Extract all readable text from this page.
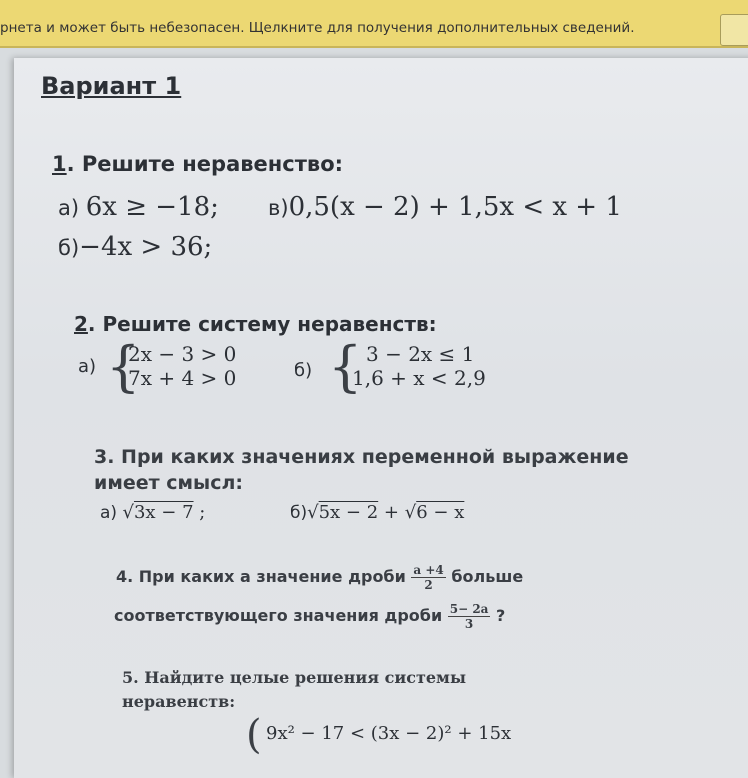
рнета и может быть небезопасен. Щелкните для получения дополнительных сведений.
Вариант 1
1. Решите неравенство:
а) 6x ≥ −18; в)0,5(x − 2) + 1,5x < x + 1
б)−4x > 36;
2. Решите систему неравенств:
а) {
2x − 3 > 0
7x + 4 > 0	б) { 3 − 2x ≤ 1
1,6 + x < 2,9
3. При каких значениях переменной выражение
имеет смысл:
а) √3x − 7 ;	б)√5x − 2 + √6 − x
4. При каких а значение дроби $\frac{a +4}{2}$ больше
соответствующего значения дроби $\frac{5- 2a}{3}$ ?
5. Найдите целые решения системы
неравенств:
( 9x² − 17 < (3x − 2)² + 15x
